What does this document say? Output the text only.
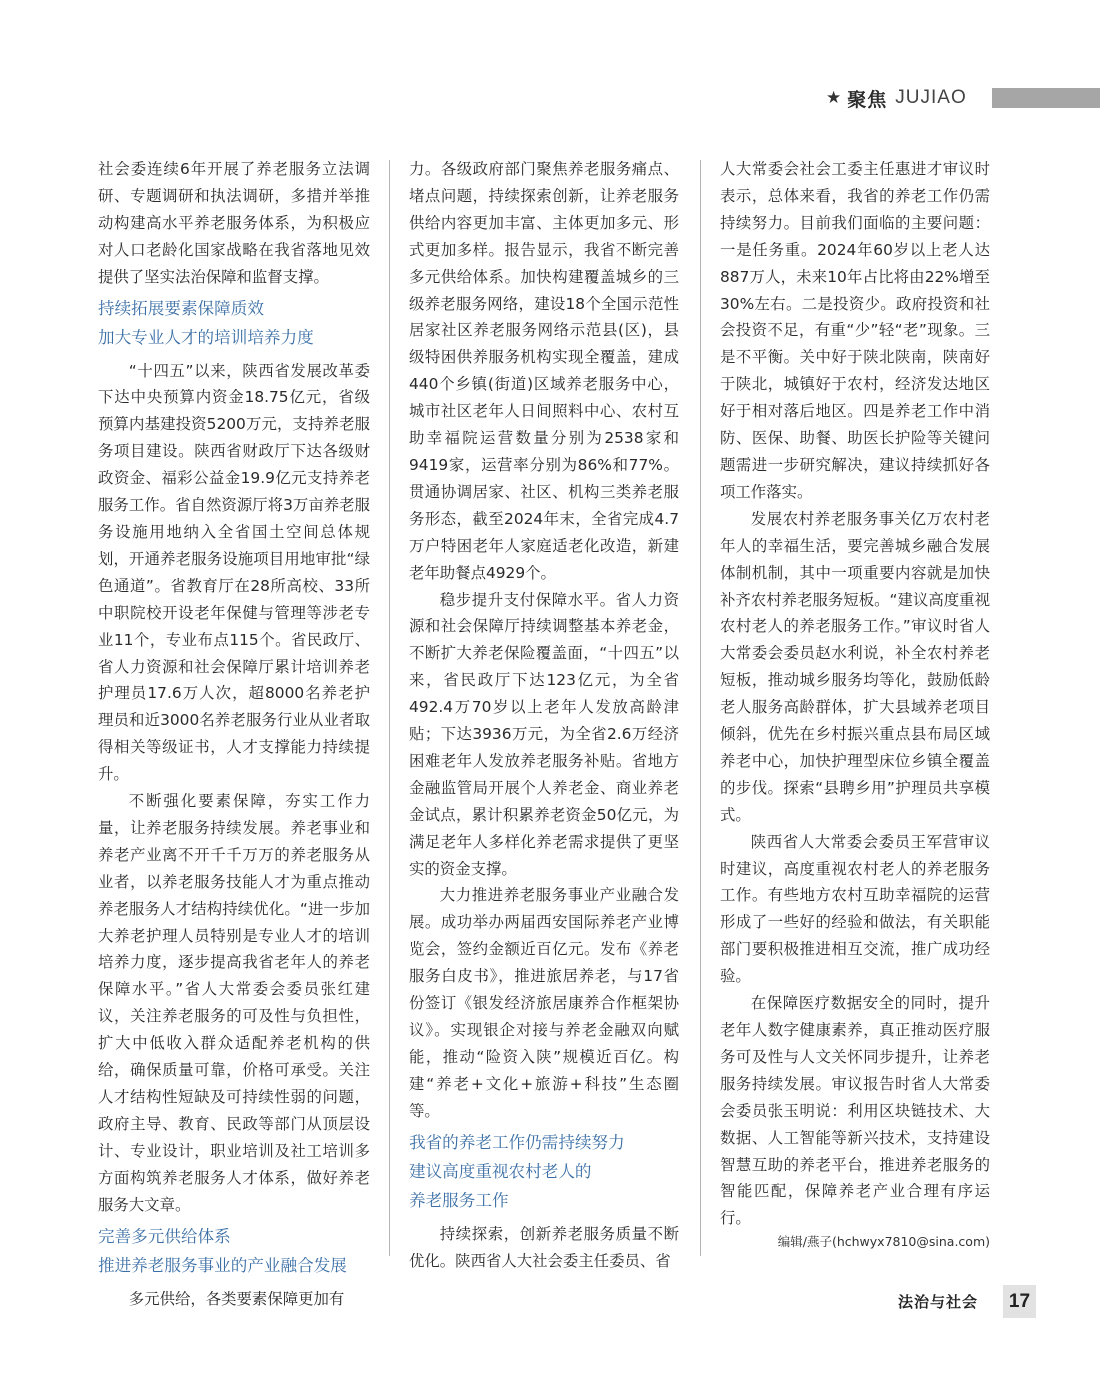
★ 聚焦 JUJIAO

社会委连续6年开展了养老服务立法调研、专题调研和执法调研，多措并举推动构建高水平养老服务体系，为积极应对人口老龄化国家战略在我省落地见效提供了坚实法治保障和监督支撑。

持续拓展要素保障质效
加大专业人才的培训培养力度

“十四五”以来，陕西省发展改革委下达中央预算内资金18.75亿元，省级预算内基建投资5200万元，支持养老服务项目建设。陕西省财政厅下达各级财政资金、福彩公益金19.9亿元支持养老服务工作。省自然资源厅将3万亩养老服务设施用地纳入全省国土空间总体规划，开通养老服务设施项目用地审批“绿色通道”。省教育厅在28所高校、33所中职院校开设老年保健与管理等涉老专业11个，专业布点115个。省民政厅、省人力资源和社会保障厅累计培训养老护理员17.6万人次，超8000名养老护理员和近3000名养老服务行业从业者取得相关等级证书，人才支撑能力持续提升。

不断强化要素保障，夯实工作力量，让养老服务持续发展。养老事业和养老产业离不开千千万万的养老服务从业者，以养老服务技能人才为重点推动养老服务人才结构持续优化。“进一步加大养老护理人员特别是专业人才的培训培养力度，逐步提高我省老年人的养老保障水平。”省人大常委会委员张红建议，关注养老服务的可及性与负担性，扩大中低收入群众适配养老机构的供给，确保质量可靠，价格可承受。关注人才结构性短缺及可持续性弱的问题，政府主导、教育、民政等部门从顶层设计、专业设计，职业培训及社工培训多方面构筑养老服务人才体系，做好养老服务大文章。

完善多元供给体系
推进养老服务事业的产业融合发展

多元供给，各类要素保障更加有

力。各级政府部门聚焦养老服务痛点、堵点问题，持续探索创新，让养老服务供给内容更加丰富、主体更加多元、形式更加多样。报告显示，我省不断完善多元供给体系。加快构建覆盖城乡的三级养老服务网络，建设18个全国示范性居家社区养老服务网络示范县(区)，县级特困供养服务机构实现全覆盖，建成440个乡镇(街道)区域养老服务中心，城市社区老年人日间照料中心、农村互助幸福院运营数量分别为2538家和9419家，运营率分别为86%和77%。贯通协调居家、社区、机构三类养老服务形态，截至2024年末，全省完成4.7万户特困老年人家庭适老化改造，新建老年助餐点4929个。

稳步提升支付保障水平。省人力资源和社会保障厅持续调整基本养老金，不断扩大养老保险覆盖面，“十四五”以来，省民政厅下达123亿元，为全省492.4万70岁以上老年人发放高龄津贴；下达3936万元，为全省2.6万经济困难老年人发放养老服务补贴。省地方金融监管局开展个人养老金、商业养老金试点，累计积累养老资金50亿元，为满足老年人多样化养老需求提供了更坚实的资金支撑。

大力推进养老服务事业产业融合发展。成功举办两届西安国际养老产业博览会，签约金额近百亿元。发布《养老服务白皮书》，推进旅居养老，与17省份签订《银发经济旅居康养合作框架协议》。实现银企对接与养老金融双向赋能，推动“险资入陕”规模近百亿。构建“养老+文化+旅游+科技”生态圈等。

我省的养老工作仍需持续努力
建议高度重视农村老人的
养老服务工作

持续探索，创新养老服务质量不断优化。陕西省人大社会委主任委员、省

人大常委会社会工委主任惠进才审议时表示，总体来看，我省的养老工作仍需持续努力。目前我们面临的主要问题：一是任务重。2024年60岁以上老人达887万人，未来10年占比将由22%增至30%左右。二是投资少。政府投资和社会投资不足，有重“少”轻“老”现象。三是不平衡。关中好于陕北陕南，陕南好于陕北，城镇好于农村，经济发达地区好于相对落后地区。四是养老工作中消防、医保、助餐、助医长护险等关键问题需进一步研究解决，建议持续抓好各项工作落实。

发展农村养老服务事关亿万农村老年人的幸福生活，要完善城乡融合发展体制机制，其中一项重要内容就是加快补齐农村养老服务短板。“建议高度重视农村老人的养老服务工作。”审议时省人大常委会委员赵水利说，补全农村养老短板，推动城乡服务均等化，鼓励低龄老人服务高龄群体，扩大县域养老项目倾斜，优先在乡村振兴重点县布局区域养老中心，加快护理型床位乡镇全覆盖的步伐。探索“县聘乡用”护理员共享模式。

陕西省人大常委会委员王军营审议时建议，高度重视农村老人的养老服务工作。有些地方农村互助幸福院的运营形成了一些好的经验和做法，有关职能部门要积极推进相互交流，推广成功经验。

在保障医疗数据安全的同时，提升老年人数字健康素养，真正推动医疗服务可及性与人文关怀同步提升，让养老服务持续发展。审议报告时省人大常委会委员张玉明说：利用区块链技术、大数据、人工智能等新兴技术，支持建设智慧互助的养老平台，推进养老服务的智能匹配，保障养老产业合理有序运行。

编辑/燕子(hchwyx7810@sina.com)
法治与社会 17
